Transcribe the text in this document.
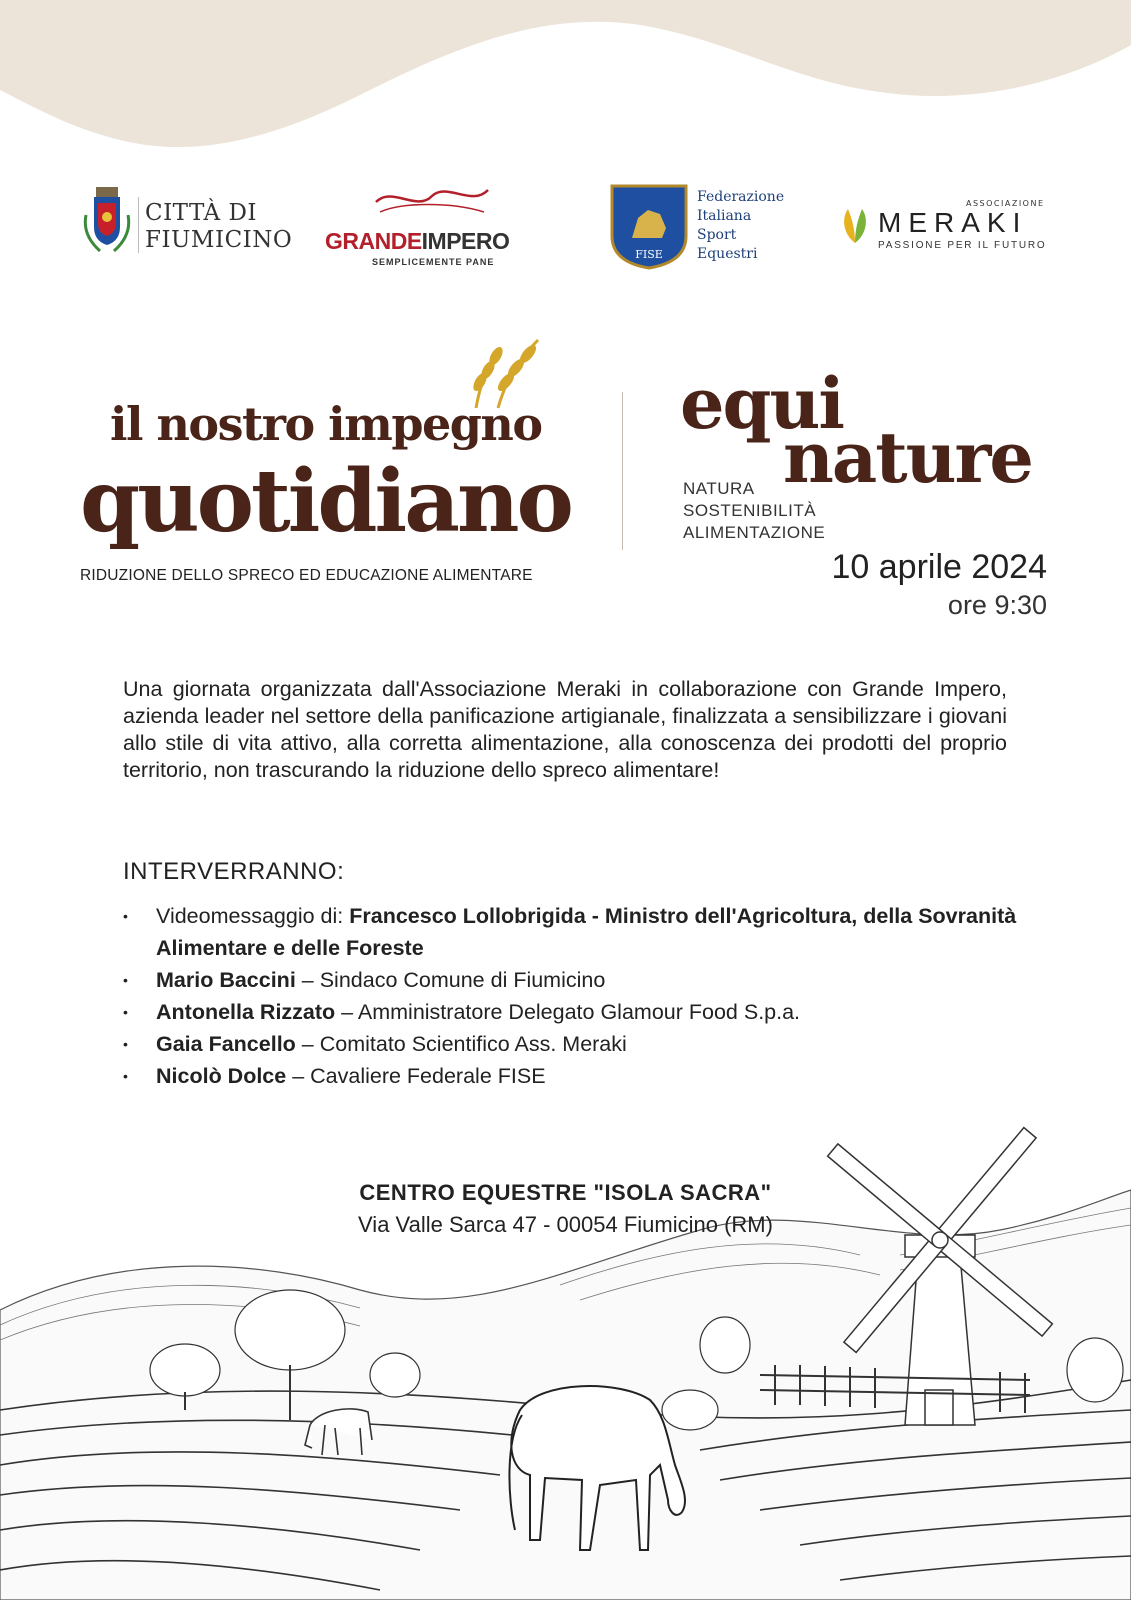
CITTÀ DI
FIUMICINO GRANDEIMPERO
SEMPLICEMENTE PANE
FISE
Federazione
Italiana
Sport
Equestri
ASSOCIAZIONE
MERAKI
PASSIONE PER IL FUTURO
il nostro impegno
quotidiano
RIDUZIONE DELLO SPRECO ED EDUCAZIONE ALIMENTARE
equi
nature
NATURA
SOSTENIBILITÀ
ALIMENTAZIONE
10 aprile 2024
ore 9:30
Una giornata organizzata dall'Associazione Meraki in collaborazione con Grande Impero, azienda leader nel settore della panificazione artigianale, finalizzata a sensibilizzare i giovani allo stile di vita attivo, alla corretta alimentazione, alla conoscenza dei prodotti del proprio territorio, non trascurando la riduzione dello spreco alimentare!
INTERVERRANNO:
• Videomessaggio di: Francesco Lollobrigida - Ministro dell'Agricoltura, della Sovranità Alimentare e delle Foreste
• Mario Baccini – Sindaco Comune di Fiumicino
• Antonella Rizzato – Amministratore Delegato Glamour Food S.p.a.
• Gaia Fancello – Comitato Scientifico Ass. Meraki
• Nicolò Dolce – Cavaliere Federale FISE
CENTRO EQUESTRE "ISOLA SACRA"
Via Valle Sarca 47 - 00054 Fiumicino (RM)
